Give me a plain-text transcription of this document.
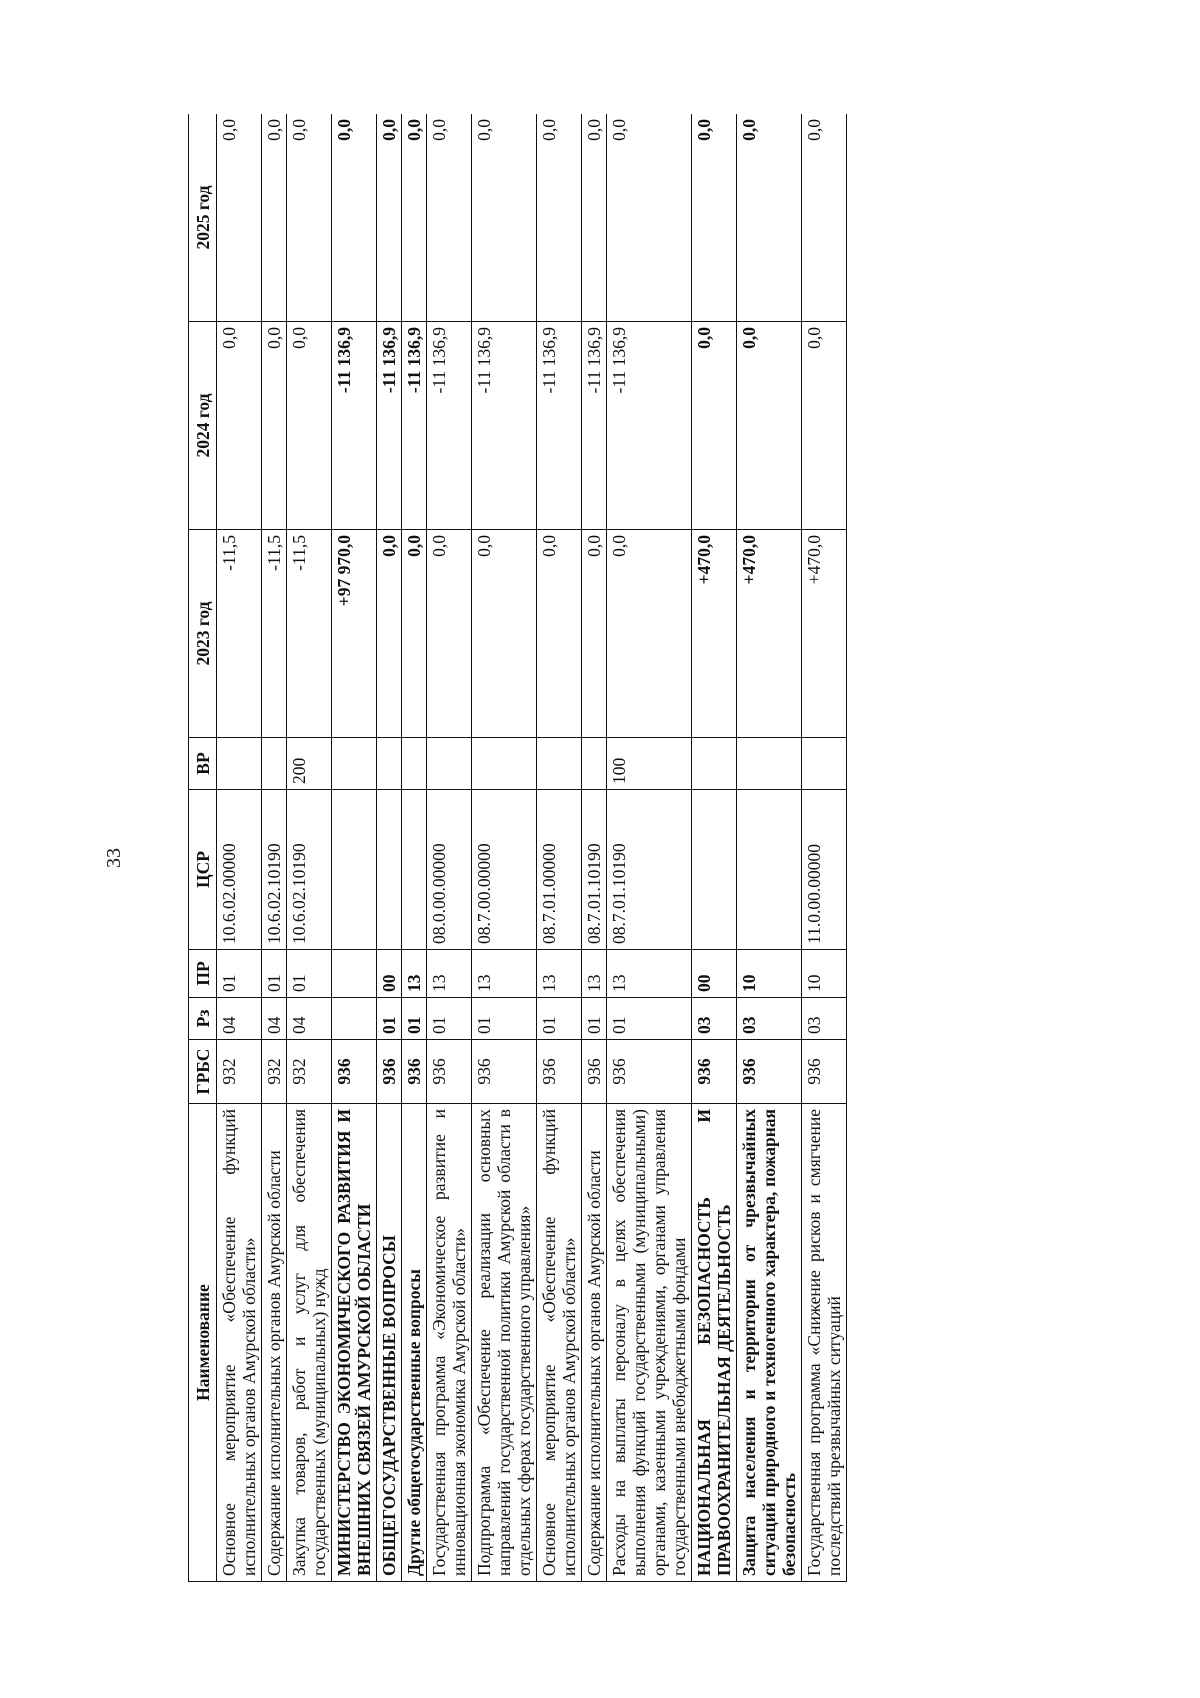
33
Наименование	ГРБС	Рз	ПР	ЦСР	ВР	2023 год	2024 год	2025 год
Основное мероприятие «Обеспечение функций исполнительных органов Амурской области»	932	04	01	10.6.02.00000		-11,5	0,0	0,0
Содержание исполнительных органов Амурской области	932	04	01	10.6.02.10190		-11,5	0,0	0,0
Закупка товаров, работ и услуг для обеспечения государственных (муниципальных) нужд	932	04	01	10.6.02.10190	200	-11,5	0,0	0,0
МИНИСТЕРСТВО ЭКОНОМИЧЕСКОГО РАЗВИТИЯ И ВНЕШНИХ СВЯЗЕЙ АМУРСКОЙ ОБЛАСТИ	936					+97 970,0	-11 136,9	0,0
ОБЩЕГОСУДАРСТВЕННЫЕ ВОПРОСЫ	936	01	00			0,0	-11 136,9	0,0
Другие общегосударственные вопросы	936	01	13			0,0	-11 136,9	0,0
Государственная программа «Экономическое развитие и инновационная экономика Амурской области»	936	01	13	08.0.00.00000		0,0	-11 136,9	0,0
Подпрограмма «Обеспечение реализации основных направлений государственной политики Амурской области в отдельных сферах государственного управления»	936	01	13	08.7.00.00000		0,0	-11 136,9	0,0
Основное мероприятие «Обеспечение функций исполнительных органов Амурской области»	936	01	13	08.7.01.00000		0,0	-11 136,9	0,0
Содержание исполнительных органов Амурской области	936	01	13	08.7.01.10190		0,0	-11 136,9	0,0
Расходы на выплаты персоналу в целях обеспечения выполнения функций государственными (муниципальными) органами, казенными учреждениями, органами управления государственными внебюджетными фондами	936	01	13	08.7.01.10190	100	0,0	-11 136,9	0,0
НАЦИОНАЛЬНАЯ БЕЗОПАСНОСТЬ И ПРАВООХРАНИТЕЛЬНАЯ ДЕЯТЕЛЬНОСТЬ	936	03	00			+470,0	0,0	0,0
Защита населения и территории от чрезвычайных ситуаций природного и техногенного характера, пожарная безопасность	936	03	10			+470,0	0,0	0,0
Государственная программа «Снижение рисков и смягчение последствий чрезвычайных ситуаций	936	03	10	11.0.00.00000		+470,0	0,0	0,0
